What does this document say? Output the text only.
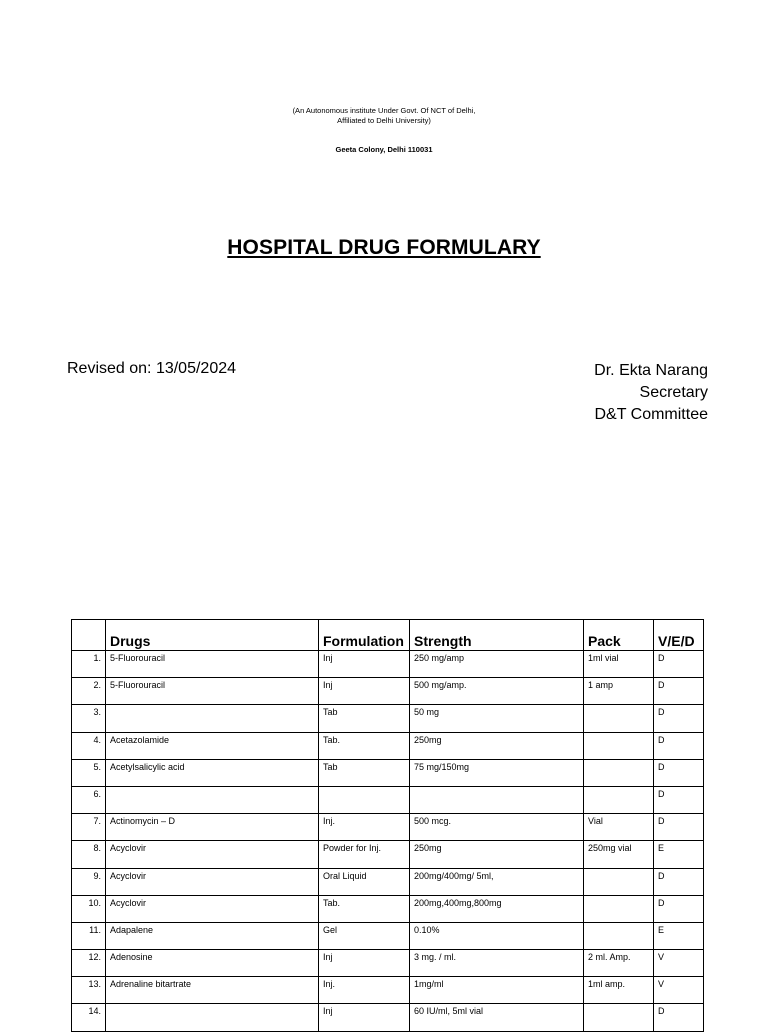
(An Autonomous institute Under Govt. Of NCT of Delhi,
Affiliated to Delhi University)
Geeta Colony, Delhi 110031
HOSPITAL DRUG FORMULARY
Revised on: 13/05/2024	Dr. Ekta Narang
Secretary
D&T Committee
	Drugs	Formulation	Strength	Pack	V/E/D
1.	5-Fluorouracil	Inj	250 mg/amp	1ml vial	D
2.	5-Fluorouracil	Inj	500 mg/amp.	1 amp	D
3.		Tab	50 mg		D
4.	Acetazolamide	Tab.	250mg		D
5.	Acetylsalicylic acid	Tab	75 mg/150mg		D
6.					D
7.	Actinomycin – D	Inj.	500 mcg.	Vial	D
8.	Acyclovir	Powder for Inj.	250mg	250mg vial	E
9.	Acyclovir	Oral Liquid	200mg/400mg/ 5ml,		D
10.	Acyclovir	Tab.	200mg,400mg,800mg		D
11.	Adapalene	Gel	0.10%		E
12.	Adenosine	Inj	3 mg. / ml.	2 ml. Amp.	V
13.	Adrenaline bitartrate	Inj.	1mg/ml	1ml amp.	V
14.		Inj	60 IU/ml, 5ml vial		D
